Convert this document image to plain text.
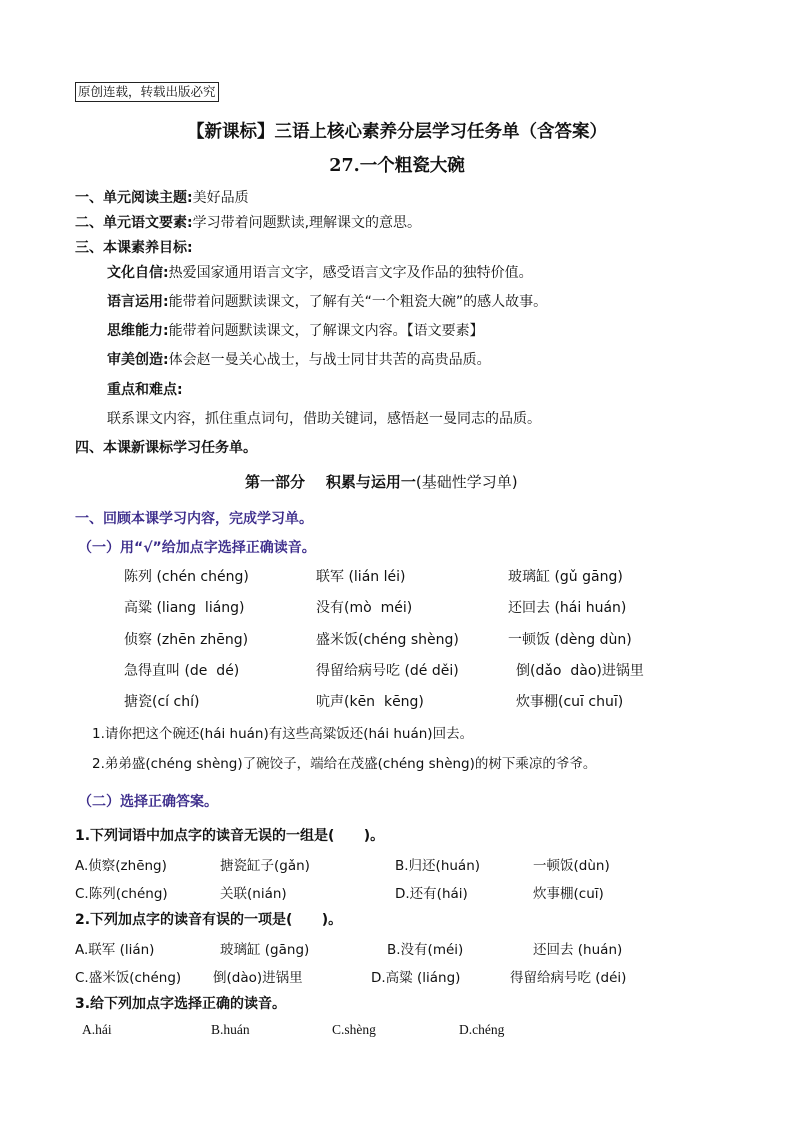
原创连载，转载出版必究
【新课标】三语上核心素养分层学习任务单（含答案）
27.一个粗瓷大碗
一、单元阅读主题:美好品质
二、单元语文要素:学习带着问题默读,理解课文的意思。
三、本课素养目标:
文化自信:热爱国家通用语言文字，感受语言文字及作品的独特价值。
语言运用:能带着问题默读课文，了解有关“一个粗瓷大碗”的感人故事。
思维能力:能带着问题默读课文，了解课文内容。【语文要素】
审美创造:体会赵一曼关心战士，与战士同甘共苦的高贵品质。
重点和难点:
联系课文内容，抓住重点词句，借助关键词，感悟赵一曼同志的品质。
四、本课新课标学习任务单。
第一部分    积累与运用一(基础性学习单)
一、回顾本课学习内容，完成学习单。
（一）用“√”给加点字选择正确读音。
陈列 (chén chéng)	联军 (lián léi)	玻璃缸 (gǔ gāng)
高粱 (liang  liáng)	没有(mò  méi)	还回去 (hái huán)
侦察 (zhēn zhēng)	盛米饭(chéng shèng)	一顿饭 (dèng dùn)
急得直叫 (de  dé)	得留给病号吃 (dé děi)	倒(dǎo  dào)进锅里
搪瓷(cí chí)	吭声(kēn  kēng)	炊事棚(cuī chuī)
1.请你把这个碗还(hái huán)有这些高粱饭还(hái huán)回去。
2.弟弟盛(chéng shèng)了碗饺子，端给在茂盛(chéng shèng)的树下乘凉的爷爷。
（二）选择正确答案。
1.下列词语中加点字的读音无误的一组是(      )。
A.侦察(zhēng)	搪瓷缸子(gǎn)	B.归还(huán)	一顿饭(dùn)
C.陈列(chéng)	关联(nián)	D.还有(hái)	炊事棚(cuī)
2.下列加点字的读音有误的一项是(      )。
A.联军 (lián)	玻璃缸 (gāng)	B.没有(méi)	还回去 (huán)
C.盛米饭(chéng) 倒(dào)进锅里	D.高粱 (liáng)	得留给病号吃 (déi)
3.给下列加点字选择正确的读音。
A.hái	B.huán	C.shèng	D.chéng
